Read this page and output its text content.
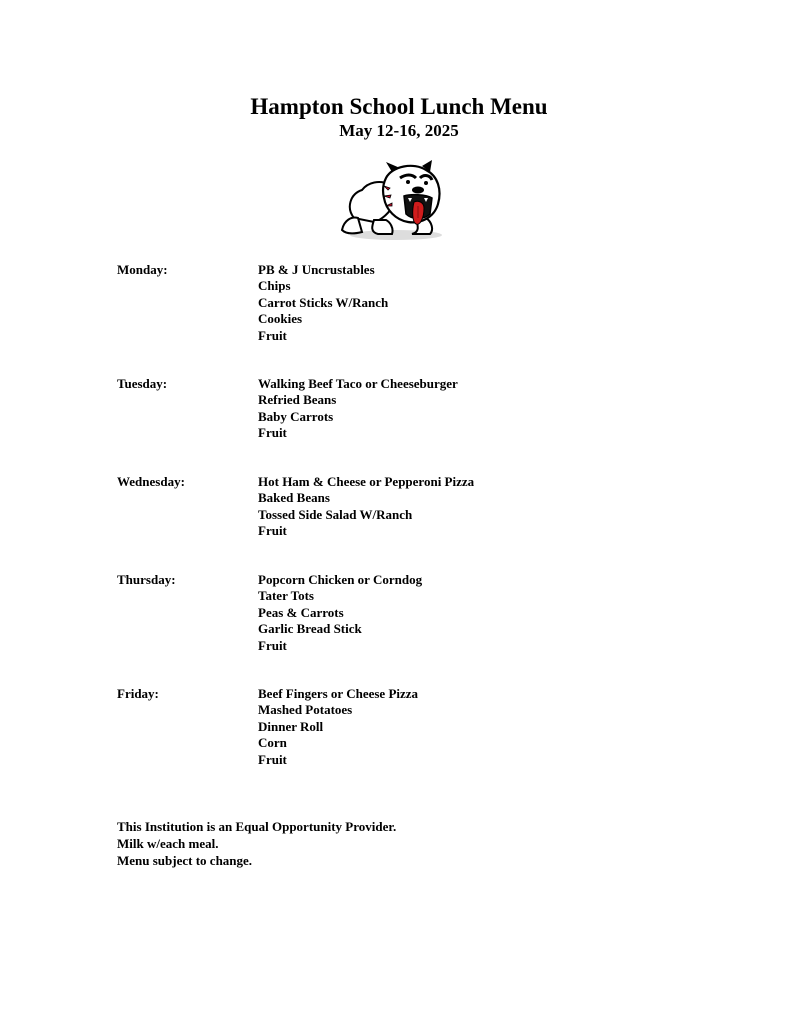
Hampton School Lunch Menu
May 12-16, 2025
Monday:	PB & J Uncrustables
Chips
Carrot Sticks W/Ranch
Cookies
Fruit
Tuesday:	Walking Beef Taco or Cheeseburger
Refried Beans
Baby Carrots
Fruit
Wednesday:	Hot Ham & Cheese or Pepperoni Pizza
Baked Beans
Tossed Side Salad W/Ranch
Fruit
Thursday:	Popcorn Chicken or Corndog
Tater Tots
Peas & Carrots
Garlic Bread Stick
Fruit
Friday:	Beef Fingers or Cheese Pizza
Mashed Potatoes
Dinner Roll
Corn
Fruit
This Institution is an Equal Opportunity Provider.
Milk w/each meal.
Menu subject to change.
